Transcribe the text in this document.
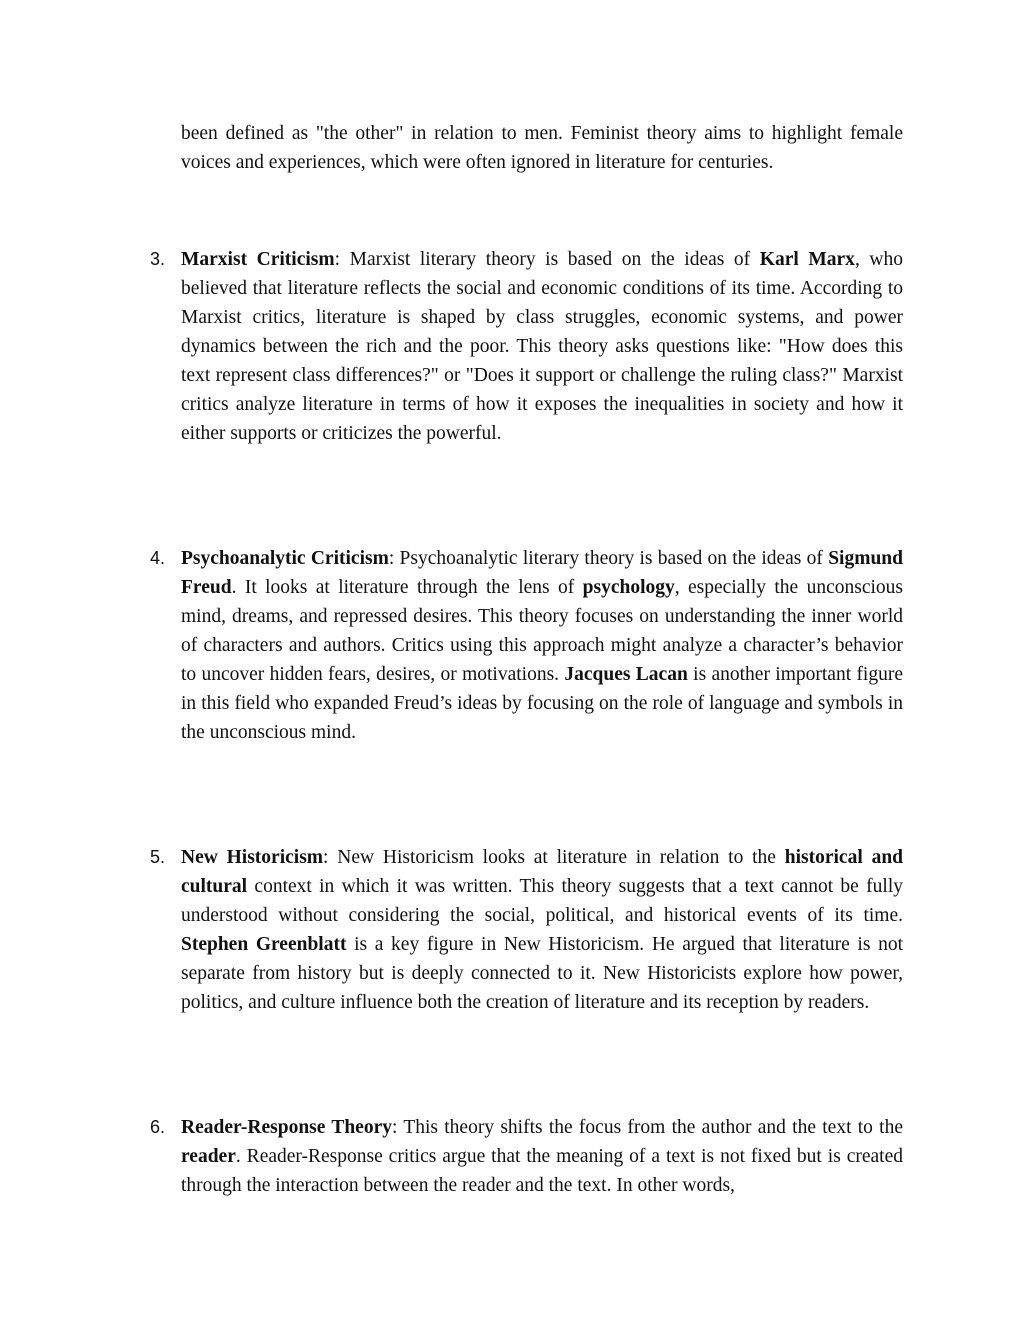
been defined as "the other" in relation to men. Feminist theory aims to highlight female voices and experiences, which were often ignored in literature for centuries.

3. Marxist Criticism: Marxist literary theory is based on the ideas of Karl Marx, who believed that literature reflects the social and economic conditions of its time. According to Marxist critics, literature is shaped by class struggles, economic systems, and power dynamics between the rich and the poor. This theory asks questions like: "How does this text represent class differences?" or "Does it support or challenge the ruling class?" Marxist critics analyze literature in terms of how it exposes the inequalities in society and how it either supports or criticizes the powerful.

4. Psychoanalytic Criticism: Psychoanalytic literary theory is based on the ideas of Sigmund Freud. It looks at literature through the lens of psychology, especially the unconscious mind, dreams, and repressed desires. This theory focuses on understanding the inner world of characters and authors. Critics using this approach might analyze a character’s behavior to uncover hidden fears, desires, or motivations. Jacques Lacan is another important figure in this field who expanded Freud’s ideas by focusing on the role of language and symbols in the unconscious mind.

5. New Historicism: New Historicism looks at literature in relation to the historical and cultural context in which it was written. This theory suggests that a text cannot be fully understood without considering the social, political, and historical events of its time. Stephen Greenblatt is a key figure in New Historicism. He argued that literature is not separate from history but is deeply connected to it. New Historicists explore how power, politics, and culture influence both the creation of literature and its reception by readers.

6. Reader-Response Theory: This theory shifts the focus from the author and the text to the reader. Reader-Response critics argue that the meaning of a text is not fixed but is created through the interaction between the reader and the text. In other words,
